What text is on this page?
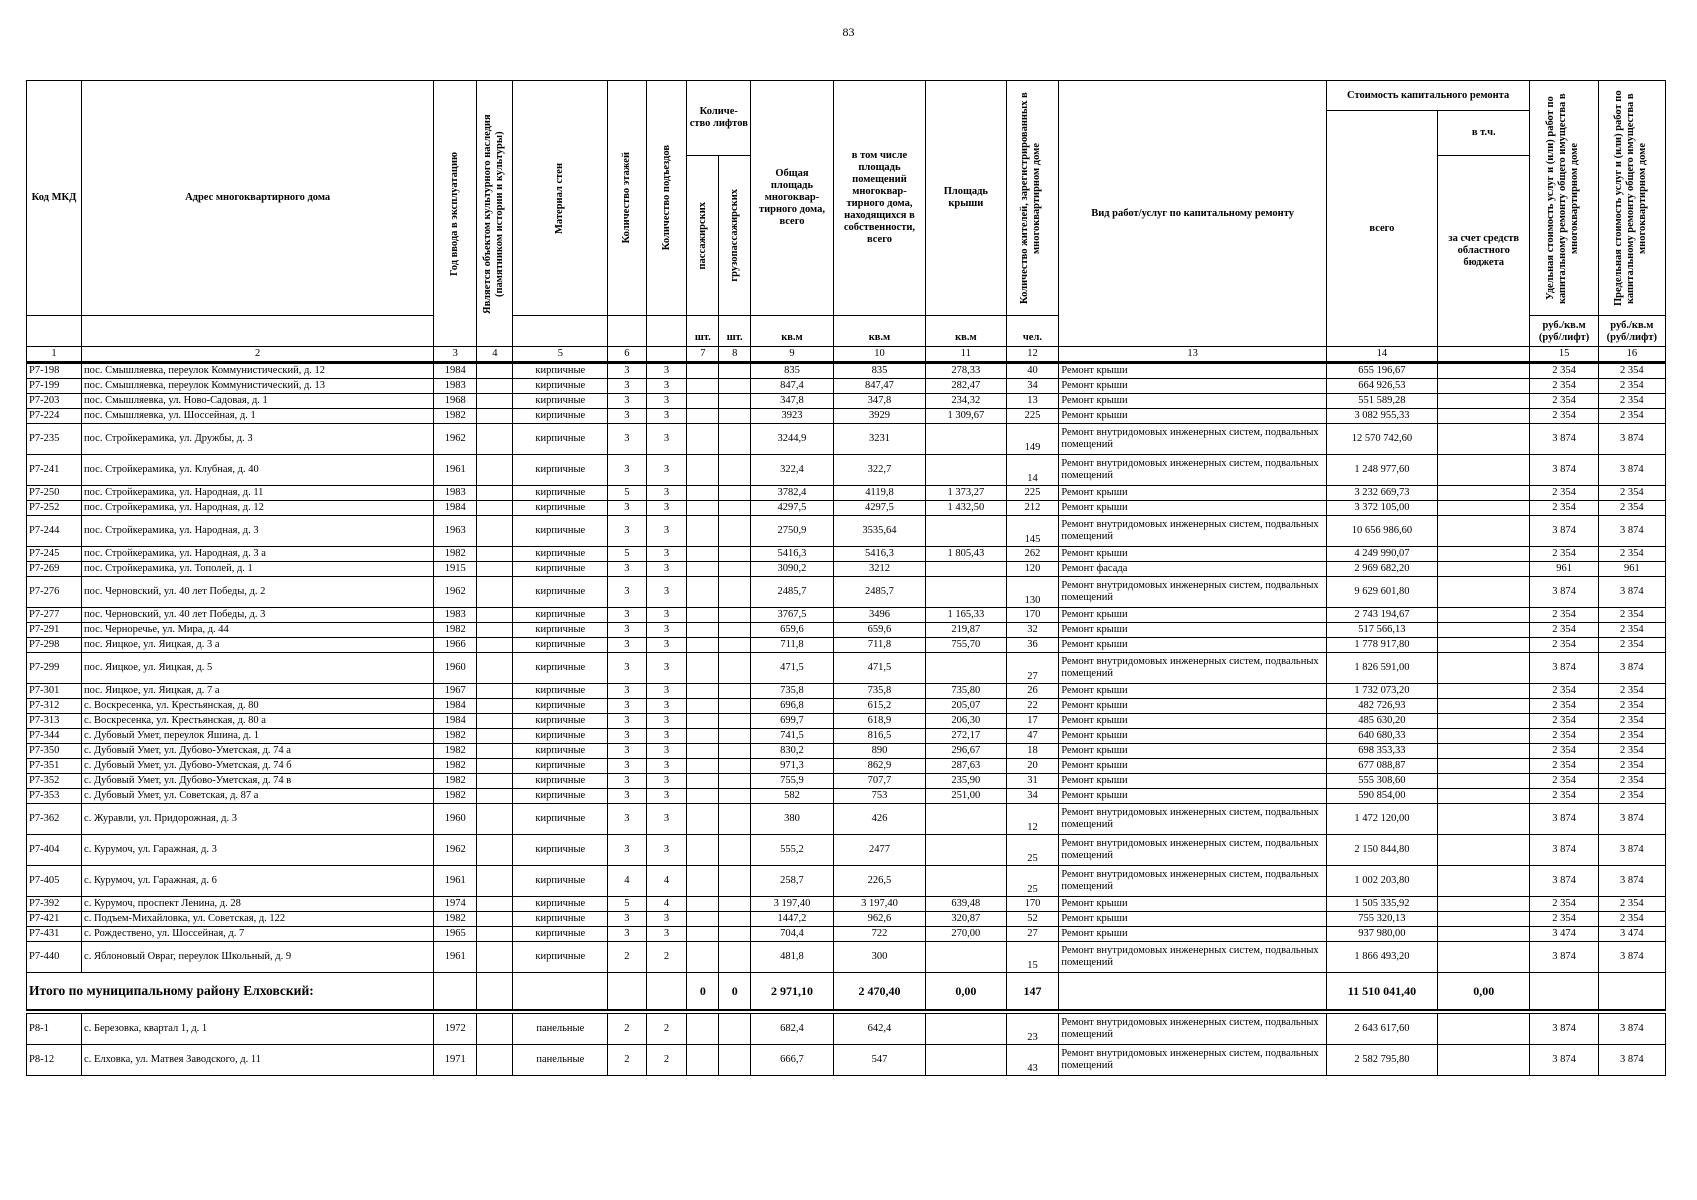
83
Код МКД	Адрес многоквартирного дома	Год ввода в эксплуатацию	Является объектом культурного наследия (памятником истории и культуры)	Материал стен	Количество этажей	Количество подъездов	Количе-ство лифтов		Общая площадь многоквар-тирного дома, всего	в том числе площадь помещений многоквар-тирного дома, находящихся в собственности, всего	Площадь крыши	Количество жителей, зарегистрированных в многоквартирном доме	Вид работ/услуг по капитальному ремонту	Стоимость капитального ремонта		Удельная стоимость услуг и (или) работ по капитальному ремонту общего имущества в многоквартирном доме	Предельная стоимость услуг и (или) работ по капитальному ремонту общего имущества в многоквартирном доме

														всего	в т.ч.		

							пассажирских	грузопассажирских							за счет средств областного бюджета		
							шт.	шт.	кв.м	кв.м	кв.м	чел.				руб./кв.м (руб/лифт)	руб./кв.м (руб/лифт)
1	2	3	4	5	6		7	8	9	10	11	12	13	14		15	16
Р7-198	пос. Смышляевка, переулок Коммунистический, д. 12	1984		кирпичные	3	3			835	835	278,33	40	Ремонт крыши	655 196,67		2 354	2 354
Р7-199	пос. Смышляевка, переулок Коммунистический, д. 13	1983		кирпичные	3	3			847,4	847,47	282,47	34	Ремонт крыши	664 926,53		2 354	2 354
Р7-203	пос. Смышляевка, ул. Ново-Садовая, д. 1	1968		кирпичные	3	3			347,8	347,8	234,32	13	Ремонт крыши	551 589,28		2 354	2 354
Р7-224	пос. Смышляевка, ул. Шоссейная, д. 1	1982		кирпичные	3	3			3923	3929	1 309,67	225	Ремонт крыши	3 082 955,33		2 354	2 354
Р7-235	пос. Стройкерамика, ул. Дружбы, д. 3	1962		кирпичные	3	3			3244,9	3231		149	Ремонт внутридомовых инженерных систем, подвальных помещений	12 570 742,60		3 874	3 874
Р7-241	пос. Стройкерамика, ул. Клубная, д. 40	1961		кирпичные	3	3			322,4	322,7		14	Ремонт внутридомовых инженерных систем, подвальных помещений	1 248 977,60		3 874	3 874
Р7-250	пос. Стройкерамика, ул. Народная, д. 11	1983		кирпичные	5	3			3782,4	4119,8	1 373,27	225	Ремонт крыши	3 232 669,73		2 354	2 354
Р7-252	пос. Стройкерамика, ул. Народная, д. 12	1984		кирпичные	3	3			4297,5	4297,5	1 432,50	212	Ремонт крыши	3 372 105,00		2 354	2 354
Р7-244	пос. Стройкерамика, ул. Народная, д. 3	1963		кирпичные	3	3			2750,9	3535,64		145	Ремонт внутридомовых инженерных систем, подвальных помещений	10 656 986,60		3 874	3 874
Р7-245	пос. Стройкерамика, ул. Народная, д. 3 а	1982		кирпичные	5	3			5416,3	5416,3	1 805,43	262	Ремонт крыши	4 249 990,07		2 354	2 354
Р7-269	пос. Стройкерамика, ул. Тополей, д. 1	1915		кирпичные	3	3			3090,2	3212		120	Ремонт фасада	2 969 682,20		961	961
Р7-276	пос. Черновский, ул. 40 лет Победы, д. 2	1962		кирпичные	3	3			2485,7	2485,7		130	Ремонт внутридомовых инженерных систем, подвальных помещений	9 629 601,80		3 874	3 874
Р7-277	пос. Черновский, ул. 40 лет Победы, д. 3	1983		кирпичные	3	3			3767,5	3496	1 165,33	170	Ремонт крыши	2 743 194,67		2 354	2 354
Р7-291	пос. Черноречье, ул. Мира, д. 44	1982		кирпичные	3	3			659,6	659,6	219,87	32	Ремонт крыши	517 566,13		2 354	2 354
Р7-298	пос. Яицкое, ул. Яицкая, д. 3 а	1966		кирпичные	3	3			711,8	711,8	755,70	36	Ремонт крыши	1 778 917,80		2 354	2 354
Р7-299	пос. Яицкое, ул. Яицкая, д. 5	1960		кирпичные	3	3			471,5	471,5		27	Ремонт внутридомовых инженерных систем, подвальных помещений	1 826 591,00		3 874	3 874
Р7-301	пос. Яицкое, ул. Яицкая, д. 7 а	1967		кирпичные	3	3			735,8	735,8	735,80	26	Ремонт крыши	1 732 073,20		2 354	2 354
Р7-312	с. Воскресенка, ул. Крестьянская, д. 80	1984		кирпичные	3	3			696,8	615,2	205,07	22	Ремонт крыши	482 726,93		2 354	2 354
Р7-313	с. Воскресенка, ул. Крестьянская, д. 80 а	1984		кирпичные	3	3			699,7	618,9	206,30	17	Ремонт крыши	485 630,20		2 354	2 354
Р7-344	с. Дубовый Умет, переулок Яшина, д. 1	1982		кирпичные	3	3			741,5	816,5	272,17	47	Ремонт крыши	640 680,33		2 354	2 354
Р7-350	с. Дубовый Умет, ул. Дубово-Уметская, д. 74 а	1982		кирпичные	3	3			830,2	890	296,67	18	Ремонт крыши	698 353,33		2 354	2 354
Р7-351	с. Дубовый Умет, ул. Дубово-Уметская, д. 74 б	1982		кирпичные	3	3			971,3	862,9	287,63	20	Ремонт крыши	677 088,87		2 354	2 354
Р7-352	с. Дубовый Умет, ул. Дубово-Уметская, д. 74 в	1982		кирпичные	3	3			755,9	707,7	235,90	31	Ремонт крыши	555 308,60		2 354	2 354
Р7-353	с. Дубовый Умет, ул. Советская, д. 87 а	1982		кирпичные	3	3			582	753	251,00	34	Ремонт крыши	590 854,00		2 354	2 354
Р7-362	с. Журавли, ул. Придорожная, д. 3	1960		кирпичные	3	3			380	426		12	Ремонт внутридомовых инженерных систем, подвальных помещений	1 472 120,00		3 874	3 874
Р7-404	с. Курумоч, ул. Гаражная, д. 3	1962		кирпичные	3	3			555,2	2477		25	Ремонт внутридомовых инженерных систем, подвальных помещений	2 150 844,80		3 874	3 874
Р7-405	с. Курумоч, ул. Гаражная, д. 6	1961		кирпичные	4	4			258,7	226,5		25	Ремонт внутридомовых инженерных систем, подвальных помещений	1 002 203,80		3 874	3 874
Р7-392	с. Курумоч, проспект Ленина, д. 28	1974		кирпичные	5	4			3 197,40	3 197,40	639,48	170	Ремонт крыши	1 505 335,92		2 354	2 354
Р7-421	с. Подъем-Михайловка, ул. Советская, д. 122	1982		кирпичные	3	3			1447,2	962,6	320,87	52	Ремонт крыши	755 320,13		2 354	2 354
Р7-431	с. Рождествено, ул. Шоссейная, д. 7	1965		кирпичные	3	3			704,4	722	270,00	27	Ремонт крыши	937 980,00		3 474	3 474
Р7-440	с. Яблоновый Овраг, переулок Школьный, д. 9	1961		кирпичные	2	2			481,8	300		15	Ремонт внутридомовых инженерных систем, подвальных помещений	1 866 493,20		3 874	3 874
Итого по муниципальному району Елховский:							0	0	2 971,10	2 470,40	0,00	147		11 510 041,40	0,00		

Р8-1	с. Березовка, квартал 1, д. 1	1972		панельные	2	2			682,4	642,4		23	Ремонт внутридомовых инженерных систем, подвальных помещений	2 643 617,60		3 874	3 874
Р8-12	с. Елховка, ул. Матвея Заводского, д. 11	1971		панельные	2	2			666,7	547		43	Ремонт внутридомовых инженерных систем, подвальных помещений	2 582 795,80		3 874	3 874
